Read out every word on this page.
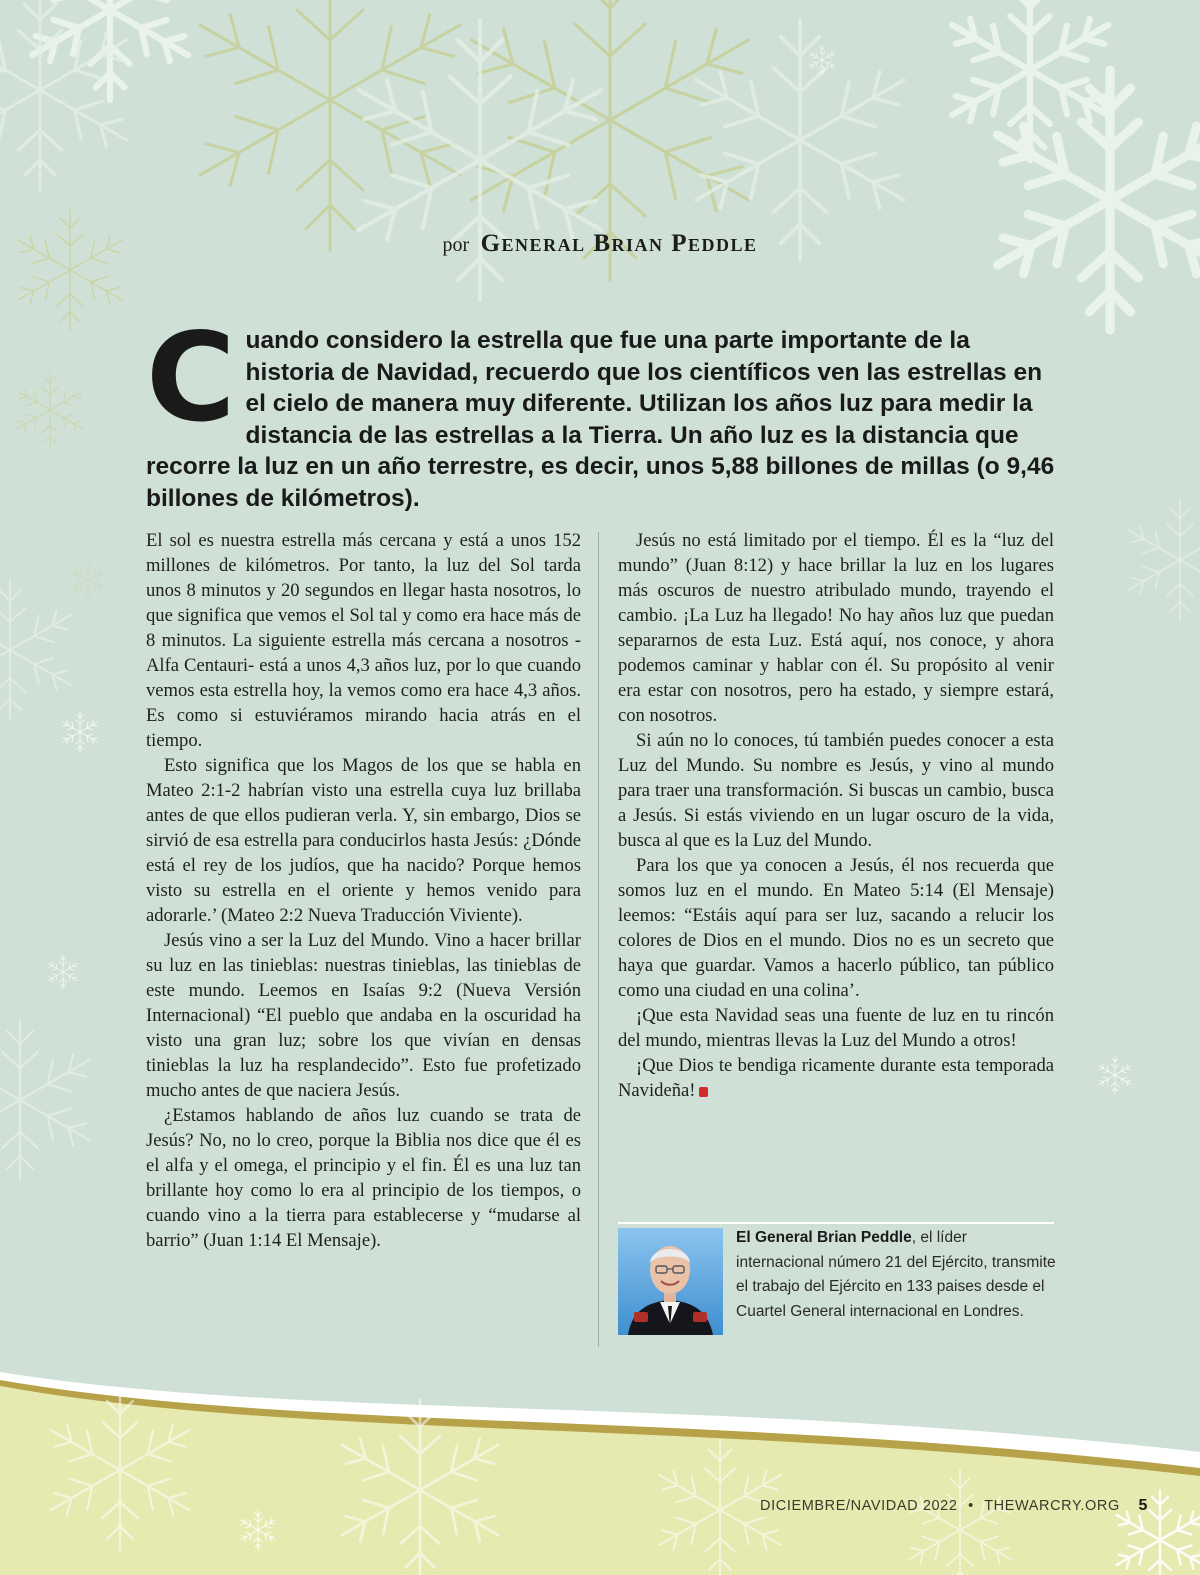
por General Brian Peddle
Cuando considero la estrella que fue una parte importante de la historia de Navidad, recuerdo que los científicos ven las estrellas en el cielo de manera muy diferente. Utilizan los años luz para medir la distancia de las estrellas a la Tierra. Un año luz es la distancia que recorre la luz en un año terrestre, es decir, unos 5,88 billones de millas (o 9,46 billones de kilómetros).

El sol es nuestra estrella más cercana y está a unos 152 millones de kilómetros. Por tanto, la luz del Sol tarda unos 8 minutos y 20 segundos en llegar hasta nosotros, lo que significa que vemos el Sol tal y como era hace más de 8 minutos. La siguiente estrella más cercana a nosotros -Alfa Centauri- está a unos 4,3 años luz, por lo que cuando vemos esta estrella hoy, la vemos como era hace 4,3 años. Es como si estuviéramos mirando hacia atrás en el tiempo.

Esto significa que los Magos de los que se habla en Mateo 2:1-2 habrían visto una estrella cuya luz brillaba antes de que ellos pudieran verla. Y, sin embargo, Dios se sirvió de esa estrella para conducirlos hasta Jesús: ¿Dónde está el rey de los judíos, que ha nacido? Porque hemos visto su estrella en el oriente y hemos venido para adorarle.’ (Mateo 2:2 Nueva Traducción Viviente).

Jesús vino a ser la Luz del Mundo. Vino a hacer brillar su luz en las tinieblas: nuestras tinieblas, las tinieblas de este mundo. Leemos en Isaías 9:2 (Nueva Versión Internacional) “El pueblo que andaba en la oscuridad ha visto una gran luz; sobre los que vivían en densas tinieblas la luz ha resplandecido”. Esto fue profetizado mucho antes de que naciera Jesús.

¿Estamos hablando de años luz cuando se trata de Jesús? No, no lo creo, porque la Biblia nos dice que él es el alfa y el omega, el principio y el fin. Él es una luz tan brillante hoy como lo era al principio de los tiempos, o cuando vino a la tierra para establecerse y “mudarse al barrio” (Juan 1:14 El Mensaje).

Jesús no está limitado por el tiempo. Él es la “luz del mundo” (Juan 8:12) y hace brillar la luz en los lugares más oscuros de nuestro atribulado mundo, trayendo el cambio. ¡La Luz ha llegado! No hay años luz que puedan separarnos de esta Luz. Está aquí, nos conoce, y ahora podemos caminar y hablar con él. Su propósito al venir era estar con nosotros, pero ha estado, y siempre estará, con nosotros.

Si aún no lo conoces, tú también puedes conocer a esta Luz del Mundo. Su nombre es Jesús, y vino al mundo para traer una transformación. Si buscas un cambio, busca a Jesús. Si estás viviendo en un lugar oscuro de la vida, busca al que es la Luz del Mundo.

Para los que ya conocen a Jesús, él nos recuerda que somos luz en el mundo. En Mateo 5:14 (El Mensaje) leemos: “Estáis aquí para ser luz, sacando a relucir los colores de Dios en el mundo. Dios no es un secreto que haya que guardar. Vamos a hacerlo público, tan público como una ciudad en una colina’.

¡Que esta Navidad seas una fuente de luz en tu rincón del mundo, mientras llevas la Luz del Mundo a otros!

¡Que Dios te bendiga ricamente durante esta temporada Navideña!

El General Brian Peddle, el líder internacional número 21 del Ejército, transmite el trabajo del Ejército en 133 paises desde el Cuartel General internacional en Londres.
DICIEMBRE/NAVIDAD 2022 • THEWARCRY.ORG 5
